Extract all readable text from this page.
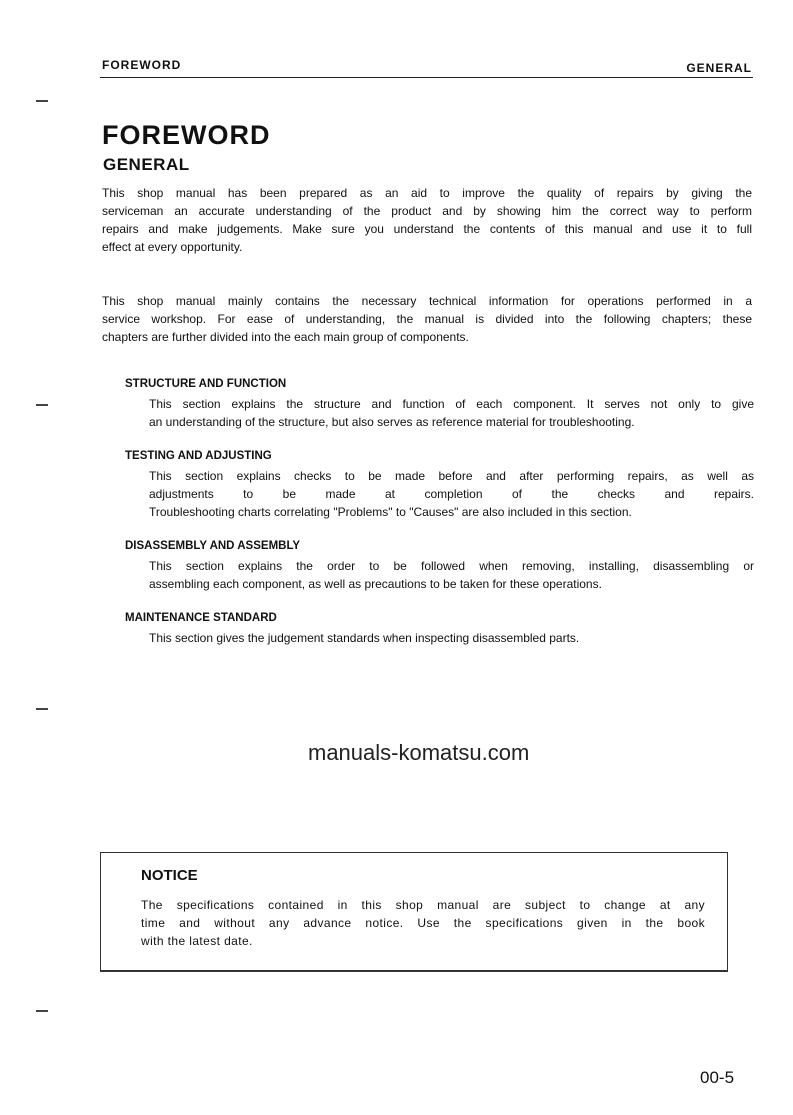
FOREWORD	GENERAL
FOREWORD
GENERAL
This shop manual has been prepared as an aid to improve the quality of repairs by giving the
serviceman an accurate understanding of the product and by showing him the correct way to perform
repairs and make judgements. Make sure you understand the contents of this manual and use it to full
effect at every opportunity.
This shop manual mainly contains the necessary technical information for operations performed in a
service workshop. For ease of understanding, the manual is divided into the following chapters; these
chapters are further divided into the each main group of components.
STRUCTURE AND FUNCTION
This section explains the structure and function of each component. It serves not only to give
an understanding of the structure, but also serves as reference material for troubleshooting.
TESTING AND ADJUSTING
This section explains checks to be made before and after performing repairs, as well as
adjustments to be made at completion of the checks and repairs.
Troubleshooting charts correlating "Problems" to "Causes" are also included in this section.
DISASSEMBLY AND ASSEMBLY
This section explains the order to be followed when removing, installing, disassembling or
assembling each component, as well as precautions to be taken for these operations.
MAINTENANCE STANDARD
This section gives the judgement standards when inspecting disassembled parts.
manuals-komatsu.com
NOTICE
The specifications contained in this shop manual are subject to change at any
time and without any advance notice. Use the specifications given in the book
with the latest date.
00-5
